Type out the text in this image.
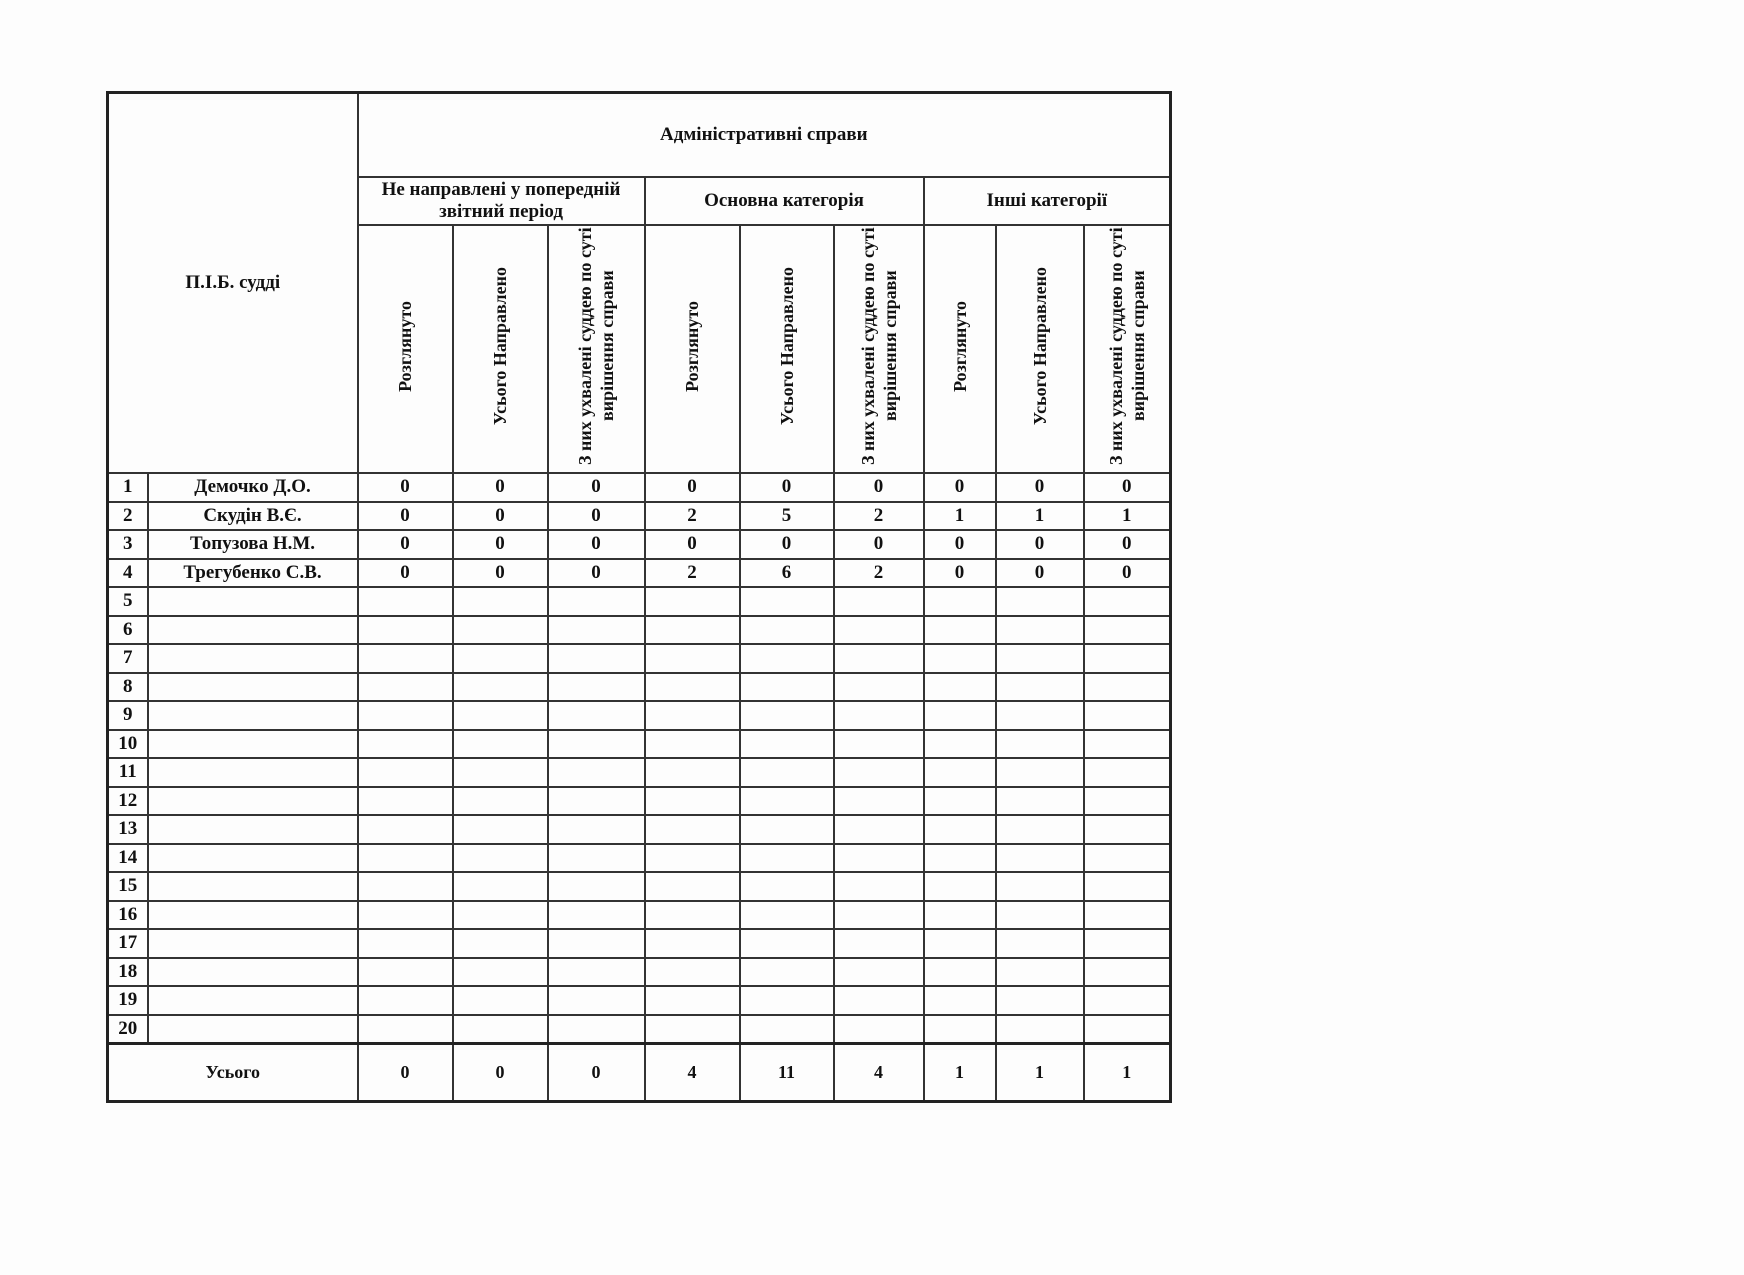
П.І.Б. судді		Адміністративні справи								
		Не направлені у попередній звітний період			Основна категорія			Інші категорії		
		Розглянуто	Усього Направлено	З них ухвалені суддею по суті вирішення справи	Розглянуто	Усього Направлено	З них ухвалені суддею по суті вирішення справи	Розглянуто	Усього Направлено	З них ухвалені суддею по суті вирішення справи
1	Демочко Д.О.	0	0	0	0	0	0	0	0	0
2	Скудін В.Є.	0	0	0	2	5	2	1	1	1
3	Топузова Н.М.	0	0	0	0	0	0	0	0	0
4	Трегубенко С.В.	0	0	0	2	6	2	0	0	0
5										
6										
7										
8										
9										
10										
11										
12										
13										
14										
15										
16										
17										
18										
19										
20										
Усього		0	0	0	4	11	4	1	1	1
